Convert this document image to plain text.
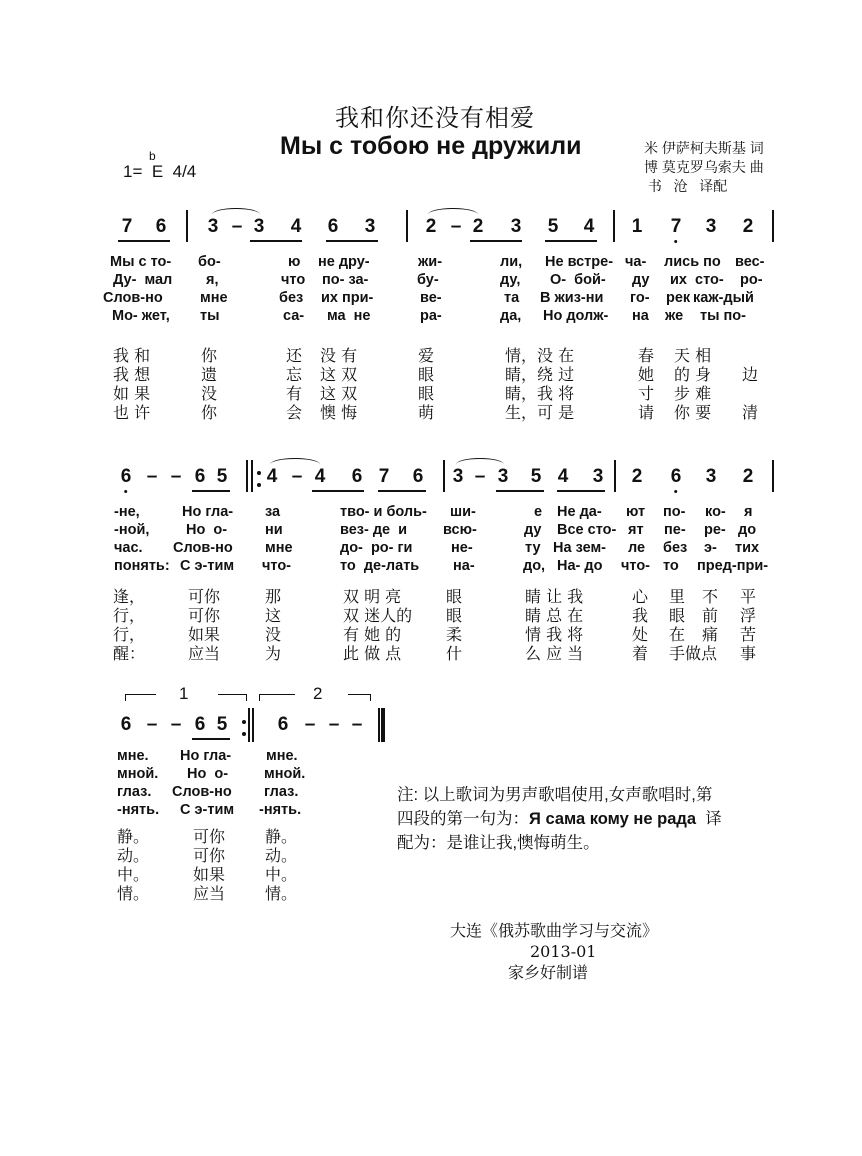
我和你还没有相爱
Мы с тобою не дружили
b
1=  E  4/4
米 伊萨柯夫斯基 词
博 莫克罗乌索夫 曲
书   沧   译配
7 6 3 – 3 4 6 3	2 – 2 3 5 4 1 7 3 2
Мы с то- бо-	ю не дру-	жи-	ли, Не встре- ча- лись по вес-
Ду-  мал я,	что по- за-	бу-	ду, О-  бой- ду их  сто- ро-
Слов-но	мне	без их при-	ве-	та В жиз-ни го- рек каж-дый
Мо- жет, ты	са- ма  не	ра-	да, Но долж- на же ты по-
我 和	你	还 没 有	爱	情，没 在	春 天 相
我 想	遗	忘 这 双	眼	睛，绕 过	她 的 身 边
如 果	没	有 这 双	眼	睛，我 将	寸 步 难
也 许	你	会 懊 悔	萌	生，可 是	请 你 要 清
6 – – 6 5 4 – 4 6 7 6 3 – 3 5 4 3 2 6 3 2
-не,	Но гла- за	тво- и боль- ши-	е Не да- ют по- ко- я
-ной,	Но  о-	ни	вез- де  и всю-	ду Все сто- ят пе- ре- до
час. Слов-но мне	до-  ро- ги	не-	ту На зем- ле без э- тих
понять: С э-тим что-	то  де-лать на-	до, На- до что- то пред-при-
逢，	可你	那	双 明 亮	眼	睛 让 我	心 里 不 平
行，	可你	这	双 迷人的 眼	睛 总 在	我 眼 前 浮
行，	如果	没	有 她 的	柔	情 我 将	处 在 痛 苦
醒：	应当	为	此 做 点	什	么 应 当	着 手做点 事
1	2
6 – – 6 5	6 – – –
мне. Но гла- мне.
мной. Но  о- мной.
глаз. Слов-но глаз.
-нять. С э-тим -нять.
静。	可你 静。
动。	可你 动。
中。	如果 中。
情。	应当 情。
注: 以上歌词为男声歌唱使用,女声歌唱时,第
四段的第一句为：Я сама кому не рада  译
配为：是谁让我,懊悔萌生。
大连《俄苏歌曲学习与交流》
2013-01
家乡好制谱
